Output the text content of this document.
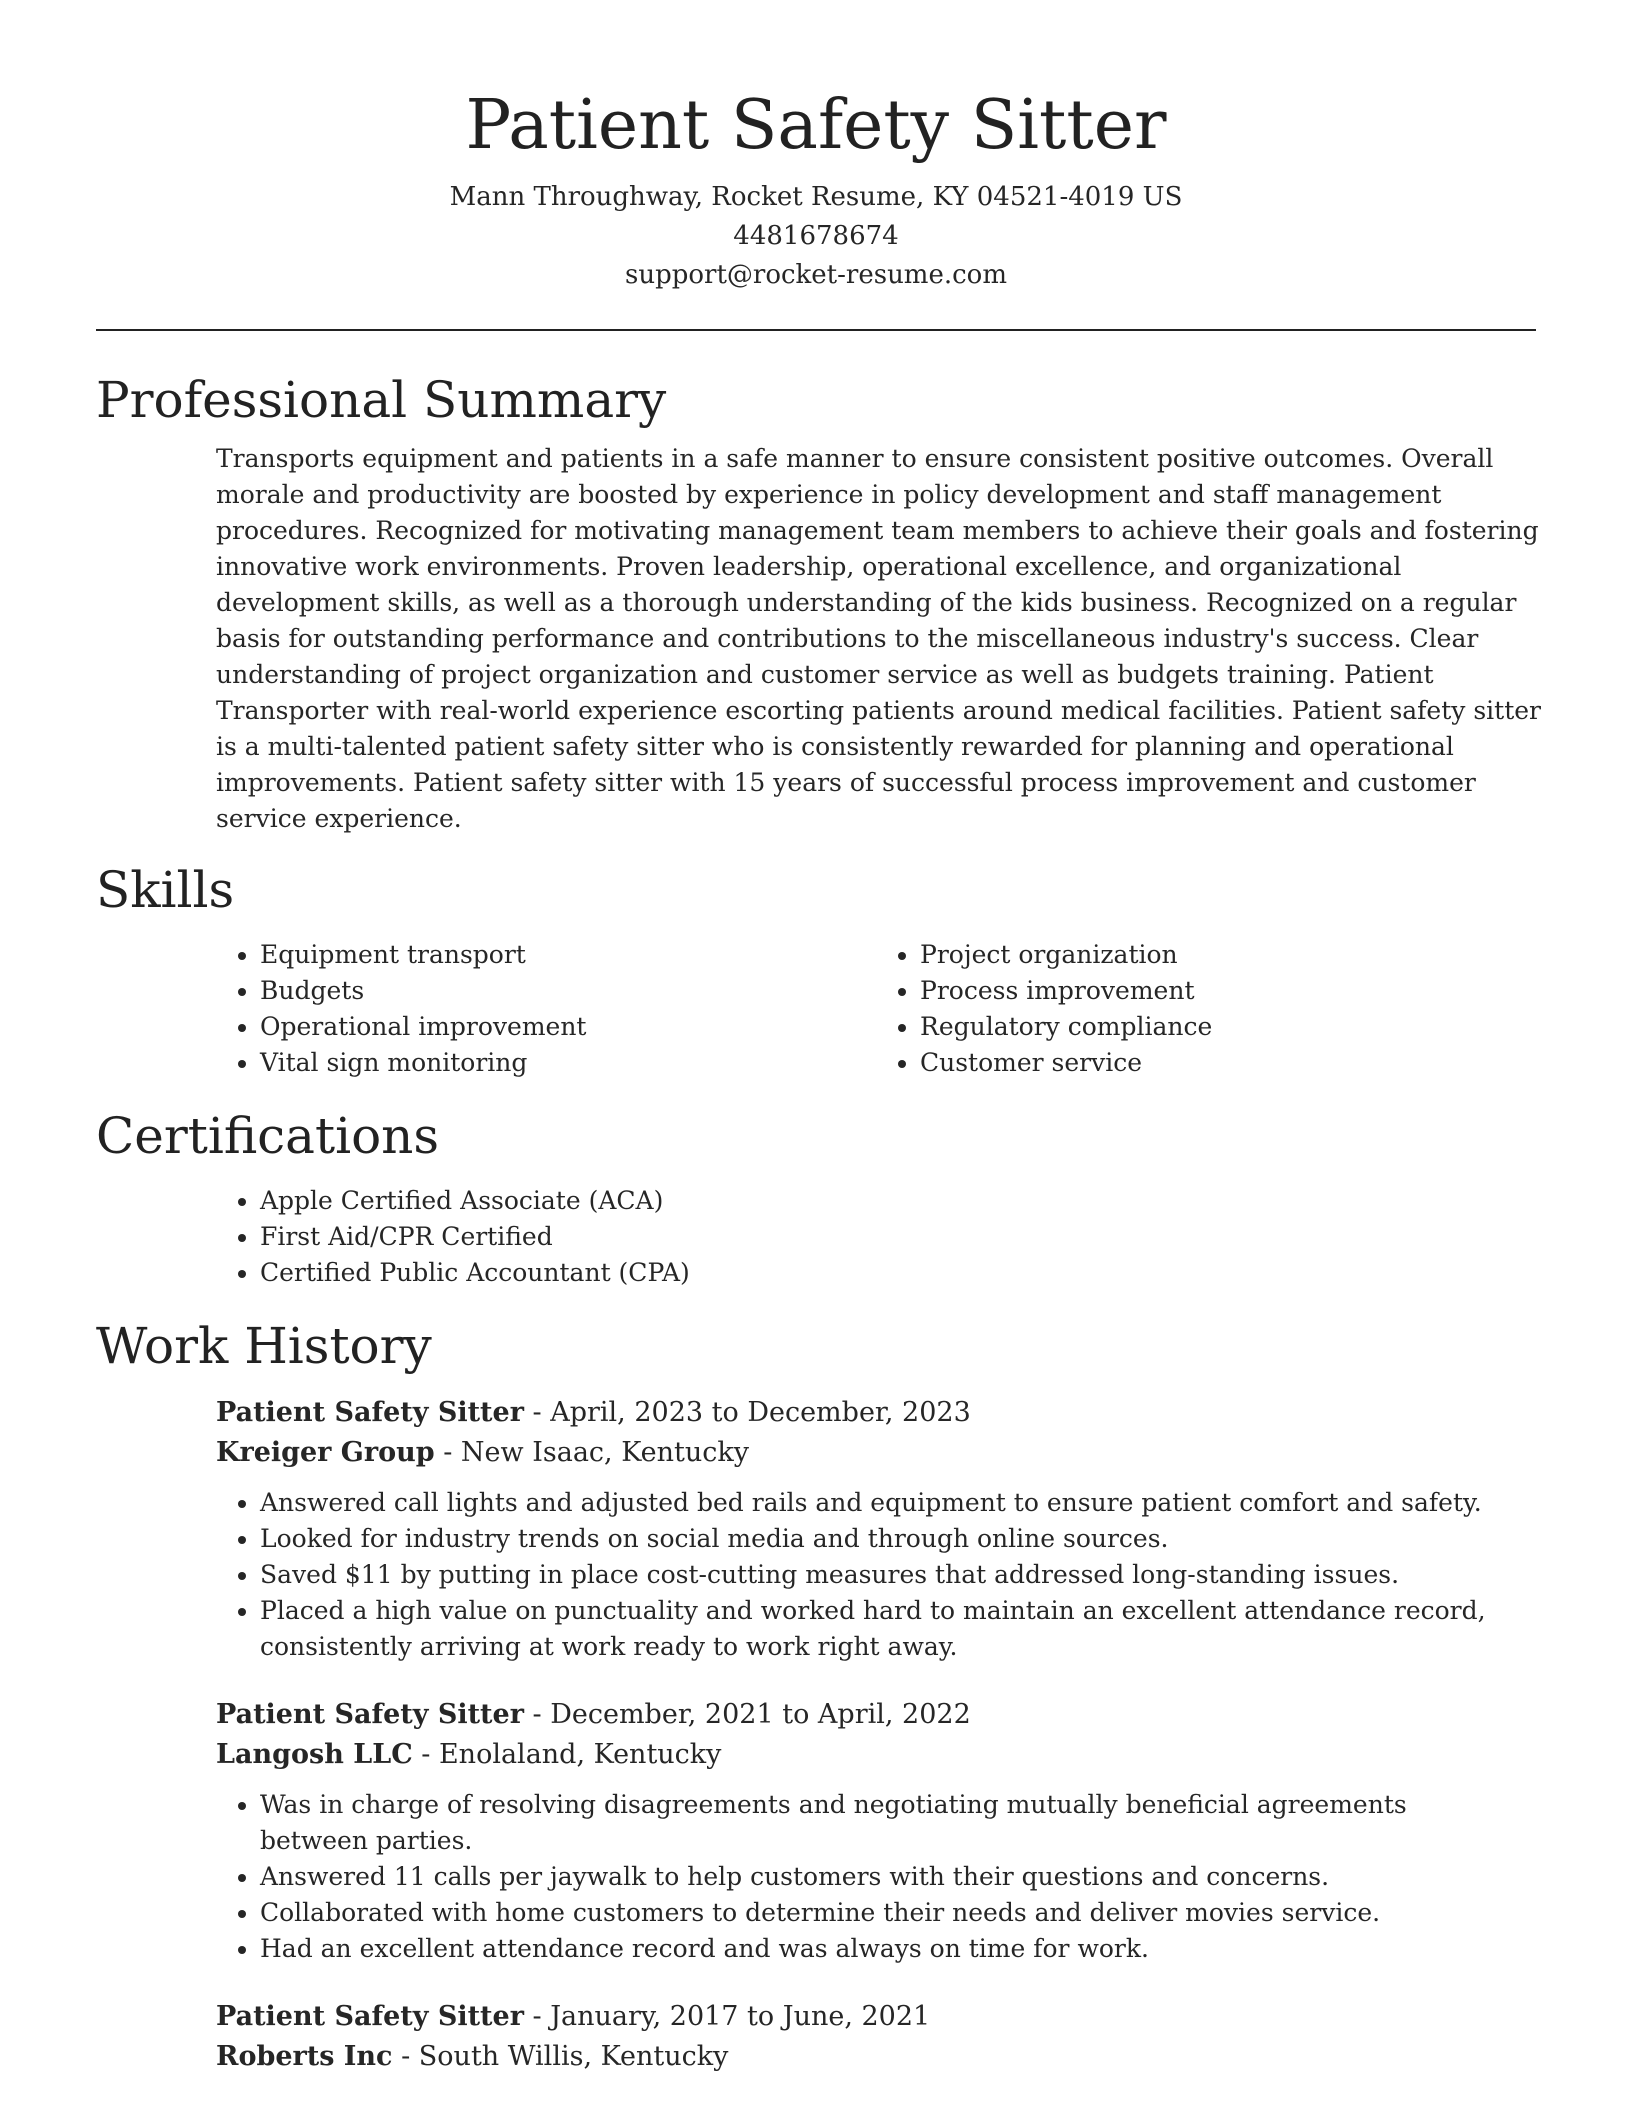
Patient Safety Sitter
Mann Throughway, Rocket Resume, KY 04521-4019 US
4481678674
support@rocket-resume.com
Professional Summary

Transports equipment and patients in a safe manner to ensure consistent positive outcomes. Overall morale and productivity are boosted by experience in policy development and staff management procedures. Recognized for motivating management team members to achieve their goals and fostering innovative work environments. Proven leadership, operational excellence, and organizational development skills, as well as a thorough understanding of the kids business. Recognized on a regular basis for outstanding performance and contributions to the miscellaneous industry's success. Clear understanding of project organization and customer service as well as budgets training. Patient Transporter with real-world experience escorting patients around medical facilities. Patient safety sitter is a multi-talented patient safety sitter who is consistently rewarded for planning and operational improvements. Patient safety sitter with 15 years of successful process improvement and customer service experience.

Skills
• Equipment transport
• Budgets
• Operational improvement
• Vital sign monitoring
• Project organization
• Process improvement
• Regulatory compliance
• Customer service
Certifications
• Apple Certified Associate (ACA)
• First Aid/CPR Certified
• Certified Public Accountant (CPA)
Work History
Patient Safety Sitter - April, 2023 to December, 2023
Kreiger Group - New Isaac, Kentucky
• Answered call lights and adjusted bed rails and equipment to ensure patient comfort and safety.
• Looked for industry trends on social media and through online sources.
• Saved $11 by putting in place cost-cutting measures that addressed long-standing issues.
• Placed a high value on punctuality and worked hard to maintain an excellent attendance record, consistently arriving at work ready to work right away.
Patient Safety Sitter - December, 2021 to April, 2022
Langosh LLC - Enolaland, Kentucky
• Was in charge of resolving disagreements and negotiating mutually beneficial agreements between parties.
• Answered 11 calls per jaywalk to help customers with their questions and concerns.
• Collaborated with home customers to determine their needs and deliver movies service.
• Had an excellent attendance record and was always on time for work.
Patient Safety Sitter - January, 2017 to June, 2021
Roberts Inc - South Willis, Kentucky
